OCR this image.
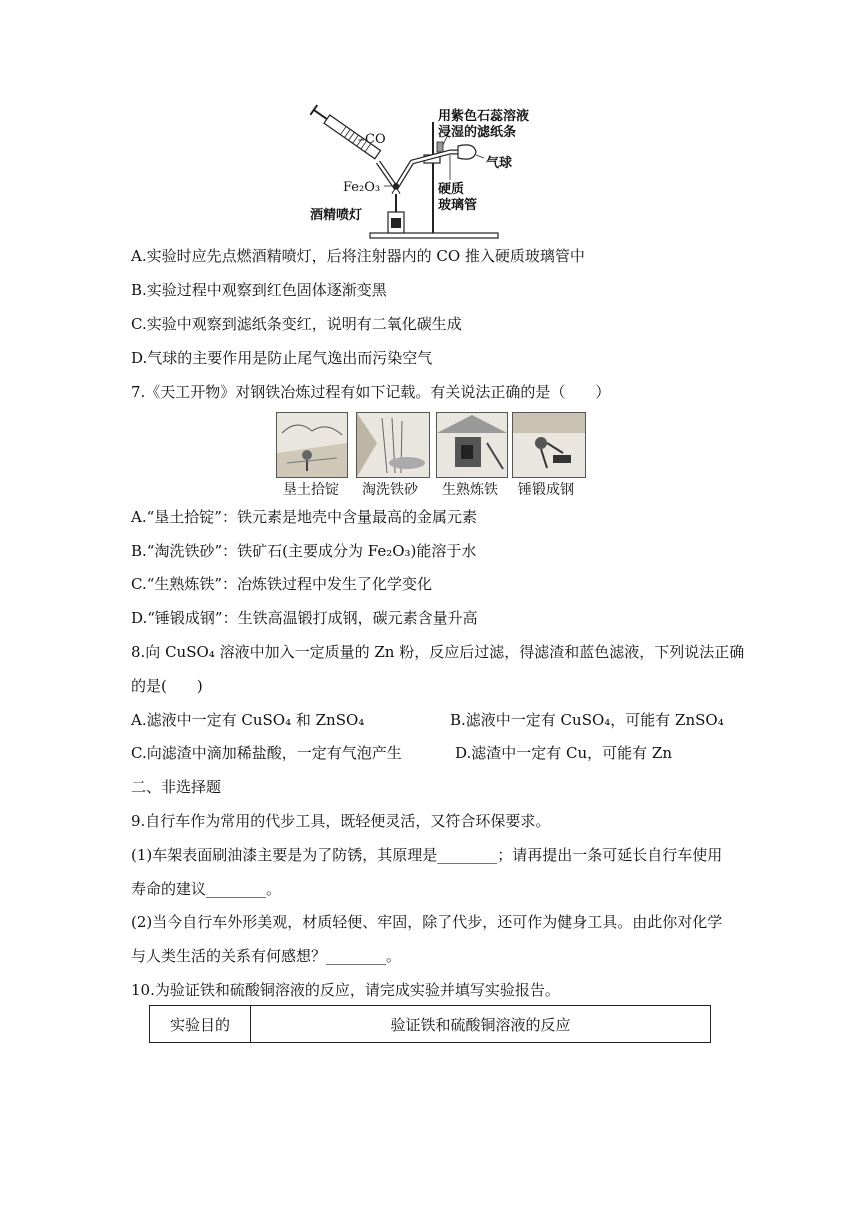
CO
Fe₂O₃
酒精喷灯
用紫色石蕊溶液
浸湿的滤纸条
气球
硬质
玻璃管
A.实验时应先点燃酒精喷灯，后将注射器内的 CO 推入硬质玻璃管中
B.实验过程中观察到红色固体逐渐变黑
C.实验中观察到滤纸条变红，说明有二氧化碳生成
D.气球的主要作用是防止尾气逸出而污染空气
7.《天工开物》对钢铁冶炼过程有如下记载。有关说法正确的是（　　）
垦土拾锭 淘洗铁砂 生熟炼铁 锤锻成钢
A.“垦土拾锭”：铁元素是地壳中含量最高的金属元素
B.“淘洗铁砂”：铁矿石(主要成分为 Fe₂O₃)能溶于水
C.“生熟炼铁”：冶炼铁过程中发生了化学变化
D.“锤锻成钢”：生铁高温锻打成钢，碳元素含量升高
8.向 CuSO₄ 溶液中加入一定质量的 Zn 粉，反应后过滤，得滤渣和蓝色滤液，下列说法正确
的是(　　)
A.滤液中一定有 CuSO₄ 和 ZnSO₄	B.滤液中一定有 CuSO₄，可能有 ZnSO₄
C.向滤渣中滴加稀盐酸，一定有气泡产生	D.滤渣中一定有 Cu，可能有 Zn
二、非选择题
9.自行车作为常用的代步工具，既轻便灵活，又符合环保要求。
(1)车架表面刷油漆主要是为了防锈，其原理是________；请再提出一条可延长自行车使用
寿命的建议________。
(2)当今自行车外形美观，材质轻便、牢固，除了代步，还可作为健身工具。由此你对化学
与人类生活的关系有何感想？________。
10.为验证铁和硫酸铜溶液的反应，请完成实验并填写实验报告。
实验目的	验证铁和硫酸铜溶液的反应
